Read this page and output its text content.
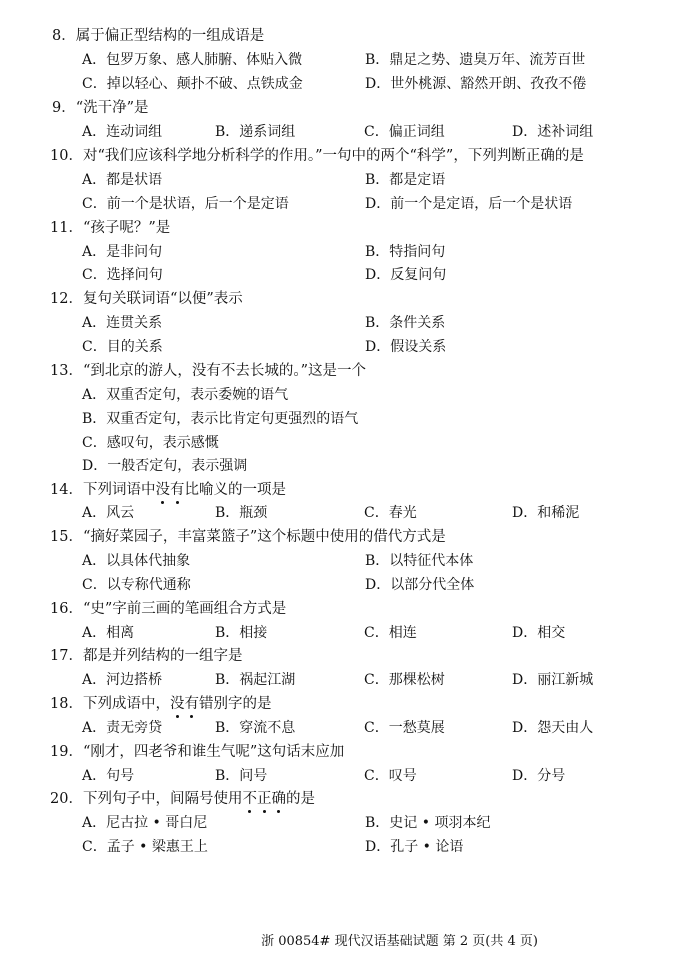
8．属于偏正型结构的一组成语是
A．包罗万象、感人肺腑、体贴入微	B．鼎足之势、遗臭万年、流芳百世
C．掉以轻心、颠扑不破、点铁成金	D．世外桃源、豁然开朗、孜孜不倦
9．“洗干净”是
A．连动词组	B．递系词组	C．偏正词组	D．述补词组
10．对“我们应该科学地分析科学的作用。”一句中的两个“科学”，下列判断正确的是
A．都是状语	B．都是定语
C．前一个是状语，后一个是定语	D．前一个是定语，后一个是状语
11．“孩子呢？”是
A．是非问句	B．特指问句
C．选择问句	D．反复问句
12．复句关联词语“以便”表示
A．连贯关系	B．条件关系
C．目的关系	D．假设关系
13．“到北京的游人，没有不去长城的。”这是一个
A．双重否定句，表示委婉的语气
B．双重否定句，表示比肯定句更强烈的语气
C．感叹句，表示感慨
D．一般否定句，表示强调
14．下列词语中没有比喻义的一项是
A．风云	B．瓶颈	C．春光	D．和稀泥
15．“摘好菜园子，丰富菜篮子”这个标题中使用的借代方式是
A．以具体代抽象	B．以特征代本体
C．以专称代通称	D．以部分代全体
16．“史”字前三画的笔画组合方式是
A．相离	B．相接	C．相连	D．相交
17．都是并列结构的一组字是
A．河边搭桥	B．祸起江湖	C．那棵松树	D．丽江新城
18．下列成语中，没有错别字的是
A．责无旁贷	B．穿流不息	C．一愁莫展	D．怨天由人
19．“刚才，四老爷和谁生气呢”这句话末应加
A．句号	B．问号	C．叹号	D．分号
20．下列句子中，间隔号使用不正确的是
A．尼古拉 • 哥白尼	B．史记 • 项羽本纪
C．孟子 • 梁惠王上	D．孔子 • 论语
浙 00854# 现代汉语基础试题 第 2 页(共 4 页)
